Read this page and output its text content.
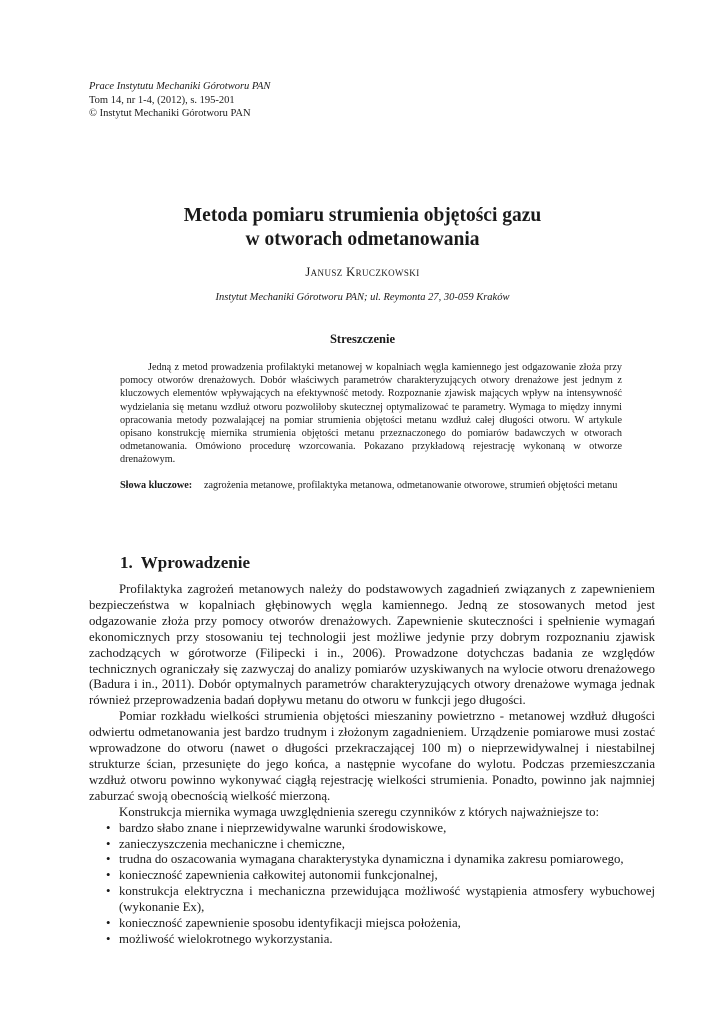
Prace Instytutu Mechaniki Górotworu PAN
Tom 14, nr 1-4, (2012), s. 195-201
© Instytut Mechaniki Górotworu PAN
Metoda pomiaru strumienia objętości gazu
w otworach odmetanowania
Janusz Kruczkowski
Instytut Mechaniki Górotworu PAN; ul. Reymonta 27, 30-059 Kraków
Streszczenie
Jedną z metod prowadzenia profilaktyki metanowej w kopalniach węgla kamiennego jest odgazowanie złoża przy pomocy otworów drenażowych. Dobór właściwych parametrów charakteryzujących otwory drenażowe jest jednym z kluczowych elementów wpływających na efektywność metody. Rozpoznanie zjawisk mających wpływ na intensywność wydzielania się metanu wzdłuż otworu pozwoliłoby skutecznej optymalizować te parametry. Wymaga to między innymi opracowania metody pozwalającej na pomiar strumienia objętości metanu wzdłuż całej długości otworu. W artykule opisano konstrukcję miernika strumienia objętości metanu przeznaczonego do pomiarów badawczych w otworach odmetanowania. Omówiono procedurę wzorcowania. Pokazano przykładową rejestrację wykonaną w otworze drenażowym.
Słowa kluczowe:	zagrożenia metanowe, profilaktyka metanowa, odmetanowanie otworowe, strumień objętości metanu
1. Wprowadzenie

Profilaktyka zagrożeń metanowych należy do podstawowych zagadnień związanych z zapewnieniem bezpieczeństwa w kopalniach głębinowych węgla kamiennego. Jedną ze stosowanych metod jest odgazowanie złoża przy pomocy otworów drenażowych. Zapewnienie skuteczności i spełnienie wymagań ekonomicznych przy stosowaniu tej technologii jest możliwe jedynie przy dobrym rozpoznaniu zjawisk zachodzących w górotworze (Filipecki i in., 2006). Prowadzone dotychczas badania ze względów technicznych ograniczały się zazwyczaj do analizy pomiarów uzyskiwanych na wylocie otworu drenażowego (Badura i in., 2011). Dobór optymalnych parametrów charakteryzujących otwory drenażowe wymaga jednak również przeprowadzenia badań dopływu metanu do otworu w funkcji jego długości.

Pomiar rozkładu wielkości strumienia objętości mieszaniny powietrzno - metanowej wzdłuż długości odwiertu odmetanowania jest bardzo trudnym i złożonym zagadnieniem. Urządzenie pomiarowe musi zostać wprowadzone do otworu (nawet o długości przekraczającej 100 m) o nieprzewidywalnej i niestabilnej strukturze ścian, przesunięte do jego końca, a następnie wycofane do wylotu. Podczas przemieszczania wzdłuż otworu powinno wykonywać ciągłą rejestrację wielkości strumienia. Ponadto, powinno jak najmniej zaburzać swoją obecnością wielkość mierzoną.

Konstrukcja miernika wymaga uwzględnienia szeregu czynników z których najważniejsze to:

• bardzo słabo znane i nieprzewidywalne warunki środowiskowe,
• zanieczyszczenia mechaniczne i chemiczne,
• trudna do oszacowania wymagana charakterystyka dynamiczna i dynamika zakresu pomiarowego,
• konieczność zapewnienia całkowitej autonomii funkcjonalnej,
• konstrukcja elektryczna i mechaniczna przewidująca możliwość wystąpienia atmosfery wybuchowej (wykonanie Ex),
• konieczność zapewnienie sposobu identyfikacji miejsca położenia,
• możliwość wielokrotnego wykorzystania.
